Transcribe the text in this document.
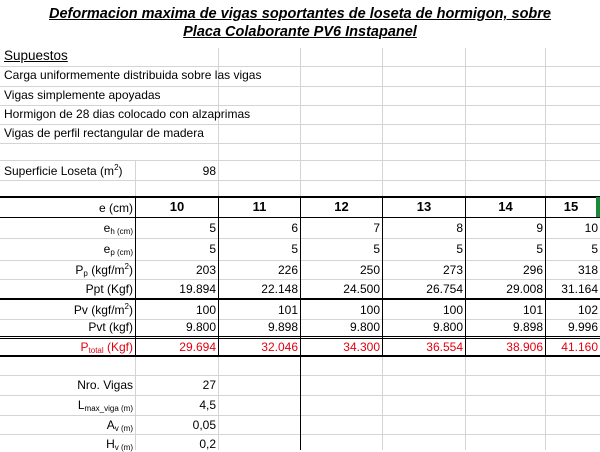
Deformacion maxima de vigas soportantes de loseta de hormigon, sobre
Placa Colaborante PV6 Instapanel
Supuestos
Carga uniformemente distribuida sobre las vigas
Vigas simplemente apoyadas
Hormigon de 28 dias colocado con alzaprimas
Vigas de perfil rectangular de madera
Superficie Loseta $(m^2)$	98
e (cm)	10	11	12	13	14	15
$e_{h (cm)}$	5	6	7	8	9	10
$e_{p (cm)}$	5	5	5	5	5	5
$P_p$ $(kgf/m^2)$	203	226	250	273	296	318
Ppt (Kgf)	19.894	22.148	24.500	26.754	29.008	31.164
Pv $(kgf/m^2)$	100	101	100	100	101	102
Pvt (kgf)	9.800	9.898	9.800	9.800	9.898	9.996
$P_{total}$ (Kgf)	29.694	32.046	34.300	36.554	38.906	41.160
Nro. Vigas	27
$L_{max\_viga (m)}$	4,5
$A_{v (m)}$	0,05
$H_{v (m)}$	0,2
